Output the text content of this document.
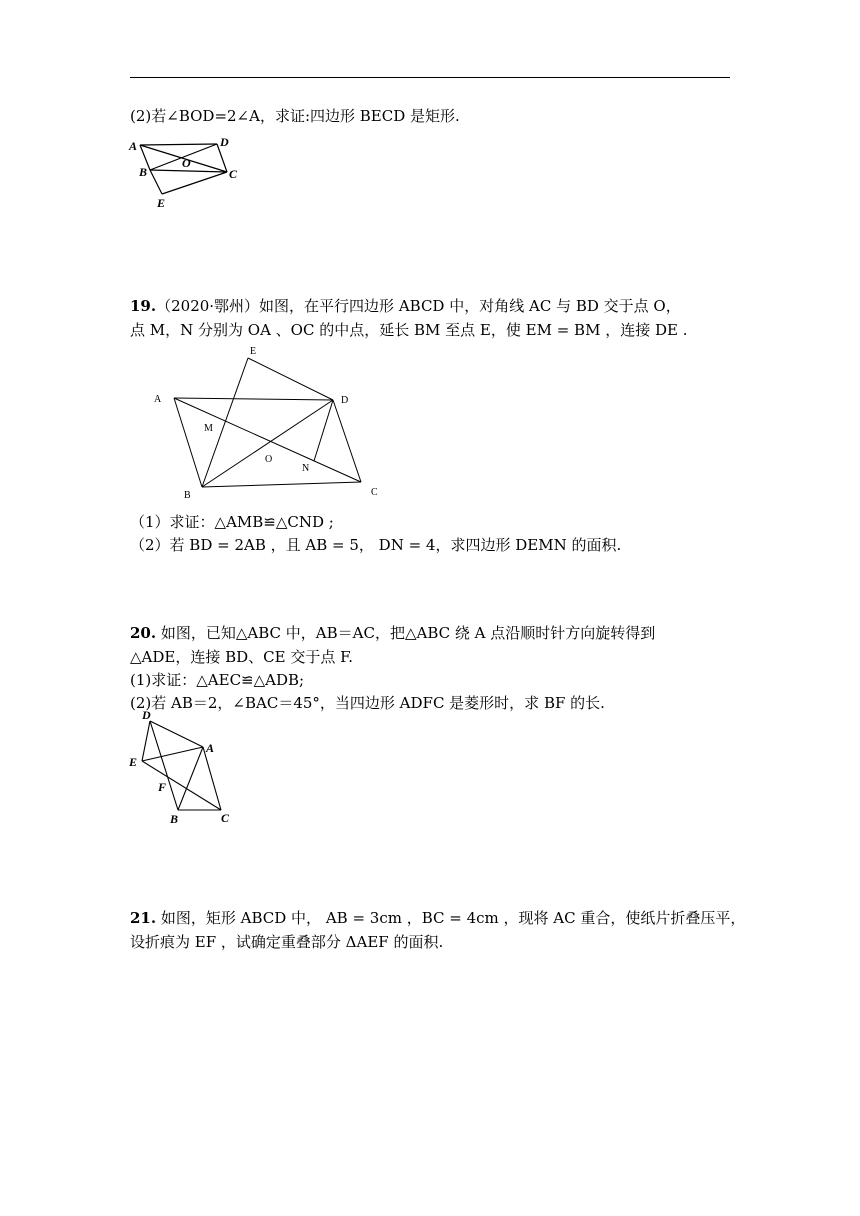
(2)若∠BOD=2∠A，求证:四边形 BECD 是矩形.
A	D
O
B	C
E
19.（2020·鄂州）如图，在平行四边形 ABCD 中，对角线 AC 与 BD 交于点 O，
点 M，N 分别为 OA 、OC 的中点，延长 BM 至点 E，使 EM = BM ，连接 DE .
A
E
D
M
O
N
B	C
（1）求证：△AMB≌△CND ;
（2）若 BD = 2AB ，且 AB = 5， DN = 4，求四边形 DEMN 的面积.
20. 如图，已知△ABC 中，AB＝AC，把△ABC 绕 A 点沿顺时针方向旋转得到
△ADE，连接 BD、CE 交于点 F.
(1)求证：△AEC≌△ADB;
(2)若 AB＝2，∠BAC＝45°，当四边形 ADFC 是菱形时，求 BF 的长.
D
A
E
F
B	C
21. 如图，矩形 ABCD 中， AB = 3cm ，BC = 4cm ，现将 AC 重合，使纸片折叠压平，
设折痕为 EF ，试确定重叠部分 ΔAEF 的面积.
